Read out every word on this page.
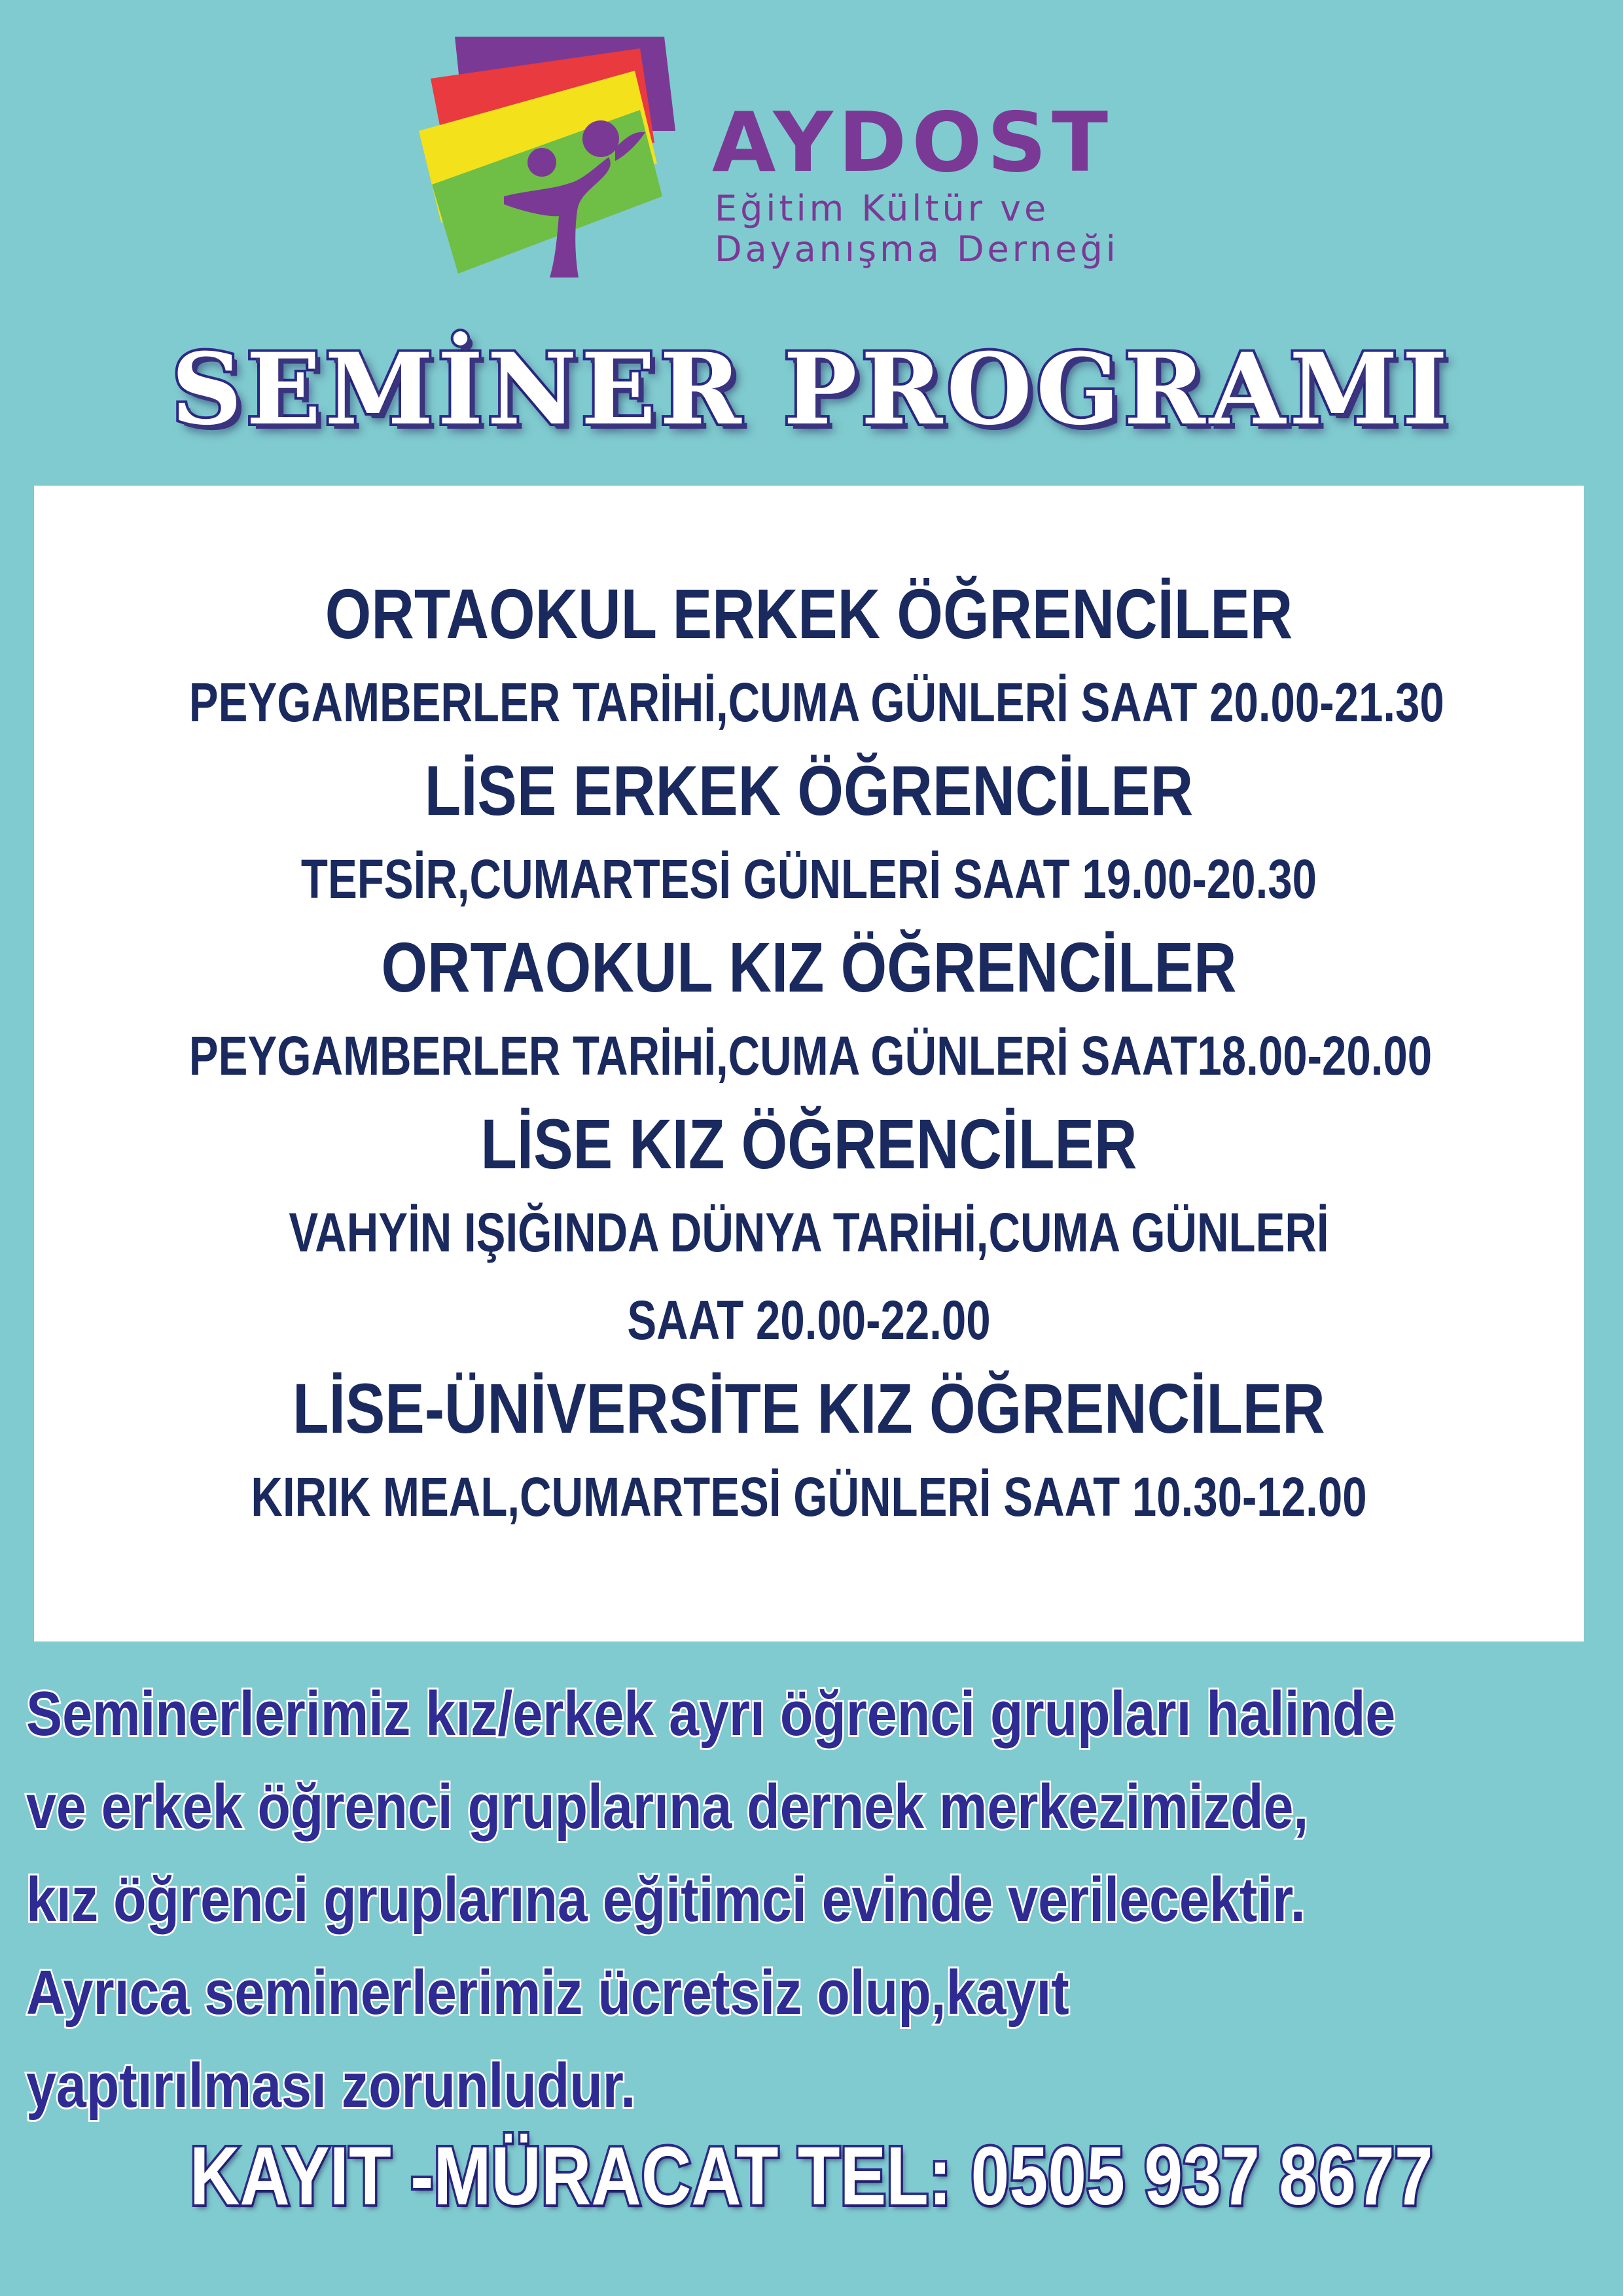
AYDOST
Eğitim Kültür ve
Dayanışma Derneği
SEMİNER PROGRAMI
ORTAOKUL ERKEK ÖĞRENCİLER
PEYGAMBERLER TARİHİ,CUMA GÜNLERİ SAAT 20.00-21.30
LİSE ERKEK ÖĞRENCİLER
TEFSİR,CUMARTESİ GÜNLERİ SAAT 19.00-20.30
ORTAOKUL KIZ ÖĞRENCİLER
PEYGAMBERLER TARİHİ,CUMA GÜNLERİ SAAT18.00-20.00
LİSE KIZ ÖĞRENCİLER
VAHYİN IŞIĞINDA DÜNYA TARİHİ,CUMA GÜNLERİ
SAAT 20.00-22.00
LİSE-ÜNİVERSİTE KIZ ÖĞRENCİLER
KIRIK MEAL,CUMARTESİ GÜNLERİ SAAT 10.30-12.00
Seminerlerimiz kız/erkek ayrı öğrenci grupları halinde
ve erkek öğrenci gruplarına dernek merkezimizde,
kız öğrenci gruplarına eğitimci evinde verilecektir.
Ayrıca seminerlerimiz ücretsiz olup,kayıt
yaptırılması zorunludur.
KAYIT -MÜRACAT TEL: 0505 937 8677
